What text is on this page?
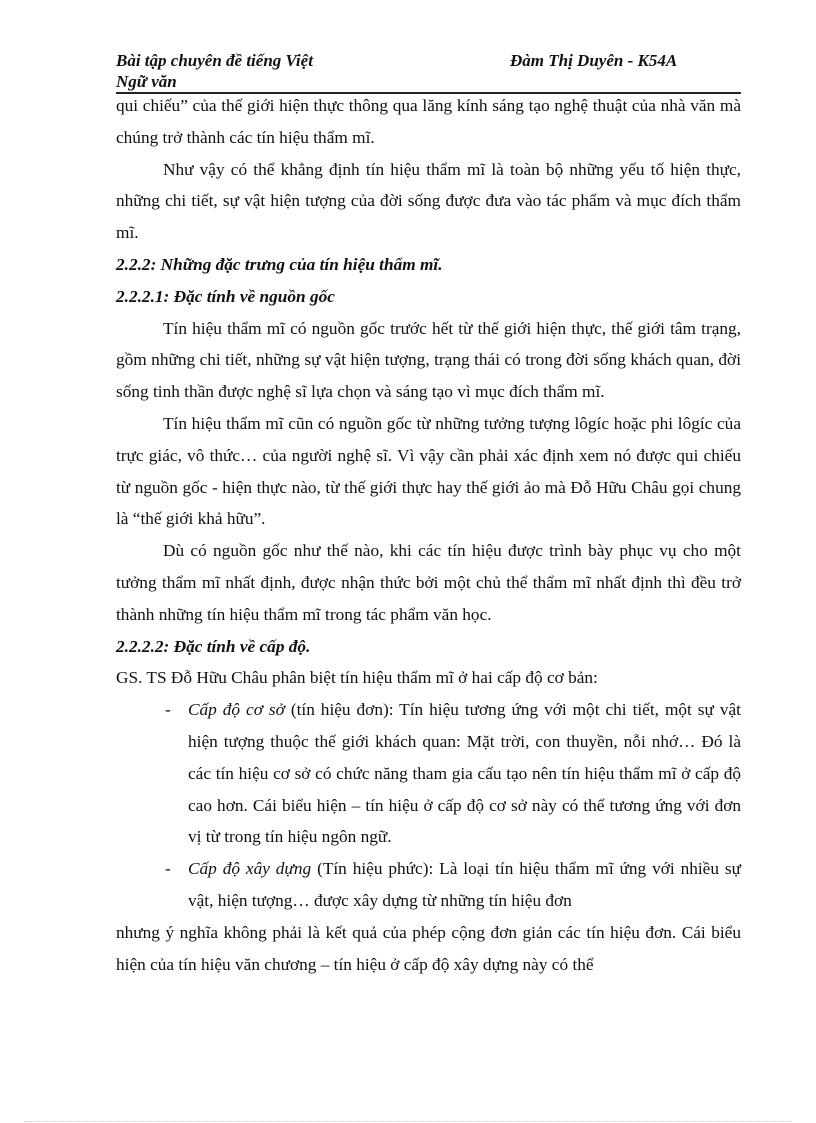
Bài tập chuyên đề tiếng Việt
Ngữ văn
Đàm Thị Duyên - K54A

qui chiếu” của thế giới hiện thực thông qua lăng kính sáng tạo nghệ thuật của nhà văn mà chúng trở thành các tín hiệu thẩm mĩ.

Như vậy có thể khẳng định tín hiệu thẩm mĩ là toàn bộ những yếu tố hiện thực, những chi tiết, sự vật hiện tượng của đời sống được đưa vào tác phẩm và mục đích thẩm mĩ.

2.2.2: Những đặc trưng của tín hiệu thẩm mĩ.

2.2.2.1: Đặc tính về nguồn gốc

Tín hiệu thẩm mĩ có nguồn gốc trước hết từ thế giới hiện thực, thế giới tâm trạng, gồm những chi tiết, những sự vật hiện tượng, trạng thái có trong đời sống khách quan, đời sống tinh thần được nghệ sĩ lựa chọn và sáng tạo vì mục đích thẩm mĩ.

Tín hiệu thẩm mĩ cũn có nguồn gốc từ những tưởng tượng lôgíc hoặc phi lôgíc của trực giác, vô thức… của người nghệ sĩ. Vì vậy cần phải xác định xem nó được qui chiếu từ nguồn gốc - hiện thực nào, từ thế giới thực hay thế giới ảo mà Đỗ Hữu Châu gọi chung là “thế giới khả hữu”.

Dù có nguồn gốc như thế nào, khi các tín hiệu được trình bày phục vụ cho một tưởng thẩm mĩ nhất định, được nhận thức bởi một chủ thể thẩm mĩ nhất định thì đều trở thành những tín hiệu thẩm mĩ trong tác phẩm văn học.

2.2.2.2: Đặc tính về cấp độ.

GS. TS Đỗ Hữu Châu phân biệt tín hiệu thẩm mĩ ở hai cấp độ cơ bản:

- Cấp độ cơ sở (tín hiệu đơn): Tín hiệu tương ứng với một chi tiết, một sự vật hiện tượng thuộc thế giới khách quan: Mặt trời, con thuyền, nỗi nhớ… Đó là các tín hiệu cơ sở có chức năng tham gia cấu tạo nên tín hiệu thẩm mĩ ở cấp độ cao hơn. Cái biểu hiện – tín hiệu ở cấp độ cơ sở này có thể tương ứng với đơn vị từ trong tín hiệu ngôn ngữ.

- Cấp độ xây dựng (Tín hiệu phức): Là loại tín hiệu thẩm mĩ ứng với nhiều sự vật, hiện tượng… được xây dựng từ những tín hiệu đơn

nhưng ý nghĩa không phải là kết quả của phép cộng đơn giản các tín hiệu đơn. Cái biểu hiện của tín hiệu văn chương – tín hiệu ở cấp độ xây dựng này có thể
